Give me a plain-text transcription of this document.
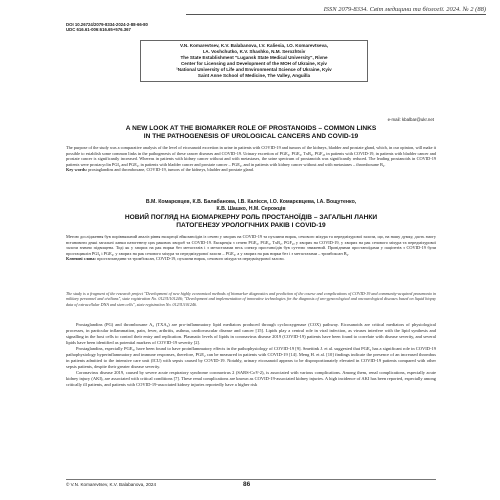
ISSN 2079-8334. Світ медицини та біології. 2024. № 2 (88)
DOI 10.26724/2079-8334-2024-2-88-66-80
UDC 616.61-006:616.65+576.367
V.N. Komarevtsev, K.V. Balabanova, I.V. Kaliesia, I.O. Komarevtseva,
I.A. Voshchutko, K.V. Shashko, N.M. Serozhtsiv
The State Establishment "Lugansk State Medical University", Rivne
Center for Licensing and Development of the MOH of Ukraine, Kyiv
¹National University of Life and Environmental Science of Ukraine, Kyiv
Saint Anne School of Medicine, The Valley, Anguilla
e-mail: kbalbar@ukr.net
A NEW LOOK AT THE BIOMARKER ROLE OF PROSTANOIDS – COMMON LINKS
IN THE PATHOGENESIS OF UROLOGICAL CANCERS AND COVID-19
The purpose of the study was a comparative analysis of the level of eicosanoid excretion in urine in patients with COVID-19 and tumors of the kidneys, bladder and prostate gland, which, in our opinion, will make it possible to establish some common links in the pathogenesis of these cancer diseases and COVID-19. Urinary excretion of PGE₂, PGE₂, TxB₂, PGF₂ₐ in patients with COVID-19, in patients with bladder cancer and prostate cancer is significantly increased. Whereas in patients with kidney cancer without and with metastases, the urine spectrum of prostanoids was significantly reduced. The leading prostanoids in COVID-19 patients were prostacyclin PGI₂ and PGE₂, in patients with bladder cancer and prostate cancer – PGE₂, and in patients with kidney cancer without and with metastases – thromboxane B₂.
Key words: prostaglandins and thromboxane, COVID-19, tumors of the kidneys, bladder and prostate gland.
В.М. Комарєвцев, К.В. Балабанова, І.В. Калієся, І.О. Комарєвцева, І.А. Вощутенко,
К.В. Шашко, Н.М. Серожців
НОВИЙ ПОГЛЯД НА БІОМАРКЕРНУ РОЛЬ ПРОСТАНОЇДІВ – ЗАГАЛЬНІ ЛАНКИ
ПАТОГЕНЕЗУ УРОЛОГІЧНИХ РАКІВ І COVID-19
Метою дослідження був порівняльний аналіз рівня екскреції ейкозаноїдів із сечею у хворих на COVID-19 та пухлини нирок, сечового міхура та передміхурової залози, що, на нашу думку, дасть змогу встановити деякі загальні ланки патогенезу цих ракових хвороб та COVID-19. Екскреція з сечею PGE₂, PGE₂, TxB₂, PGF₂ₐ у хворих на COVID-19, у хворих на рак сечового міхура та передміхурової залози значно підвищена. Тоді як у хворих на рак нирки без метастазів і з метастазами весь спектр простаноїдів був суттєво знижений. Провідними простаноїдами у пацієнтів з COVID-19 були простациклін PGI₂ і PGE₂, у хворих на рак сечового міхура та передміхурової залози – PGE₂, а у хворих на рак нирки без і з метастазами – тромбоксан B₂.
Ключові слова: простагландини та тромбоксан, COVID-19, пухлини нирок, сечового міхура та передміхурової залози.
The study is a fragment of the research project "Development of new highly economical methods of biomarker diagnostics and prediction of the course and complications of COVID-19 and community-acquired pneumonia in military personnel and civilians", state registration No. 0123U101246; "Development and implementation of innovative technologies for the diagnosis of uro-gynecological and oncourological diseases based on liquid biopsy data of extracellular DNA and stem cells", state registration No. 0123U101246.

Prostaglandins (PG) and thromboxane A₂ (TXA₂) are pro-inflammatory lipid mediators produced through cyclooxygenase (COX) pathway. Eicosanoids are critical mediators of physiological processes, in particular inflammation, pain, fever, arthritis, asthma, cardiovascular disease and cancer [15]. Lipids play a central role in viral infection, as viruses interfere with the lipid synthesis and signalling in the host cells to control their entry and replication. Plasmatic levels of lipids in coronavirus disease 2019 (COVID-19) patients have been found to correlate with disease severity, and several lipids have been identified as potential markers of COVID-19 severity [2].

Prostaglandins, especially PGE₂, have been found to have proinflammatory effects in the pathophysiology of COVID-19 [9]. Smeitink J. et al. suggested that PGE₂ has a significant role in COVID-19 pathophysiology hyperinflammatory and immune responses, therefore, PGE₂ can be measured in patients with COVID-19 [14]. Meng H. et al. [10] findings indicate the presence of an increased thrombus in patients admitted to the intensive care unit (ICU) with sepsis caused by COVID-19. Notably, urinary eicosanoid appears to be disproportionately elevated in COVID-19 patients compared with other sepsis patients, despite their greater disease severity.

Coronavirus disease 2019, caused by severe acute respiratory syndrome coronavirus 2 (SARS-CoV-2), is associated with various complications. Among them, renal complications, especially acute kidney injury (AKI), are associated with critical conditions [7]. These renal complications are known as COVID-19-associated kidney injuries. A high incidence of AKI has been reported, especially among critically ill patients, and patients with COVID-19-associated kidney injuries reportedly have a higher risk

© V.N. Komarevtsev, K.V. Balabanova, 2024	86
